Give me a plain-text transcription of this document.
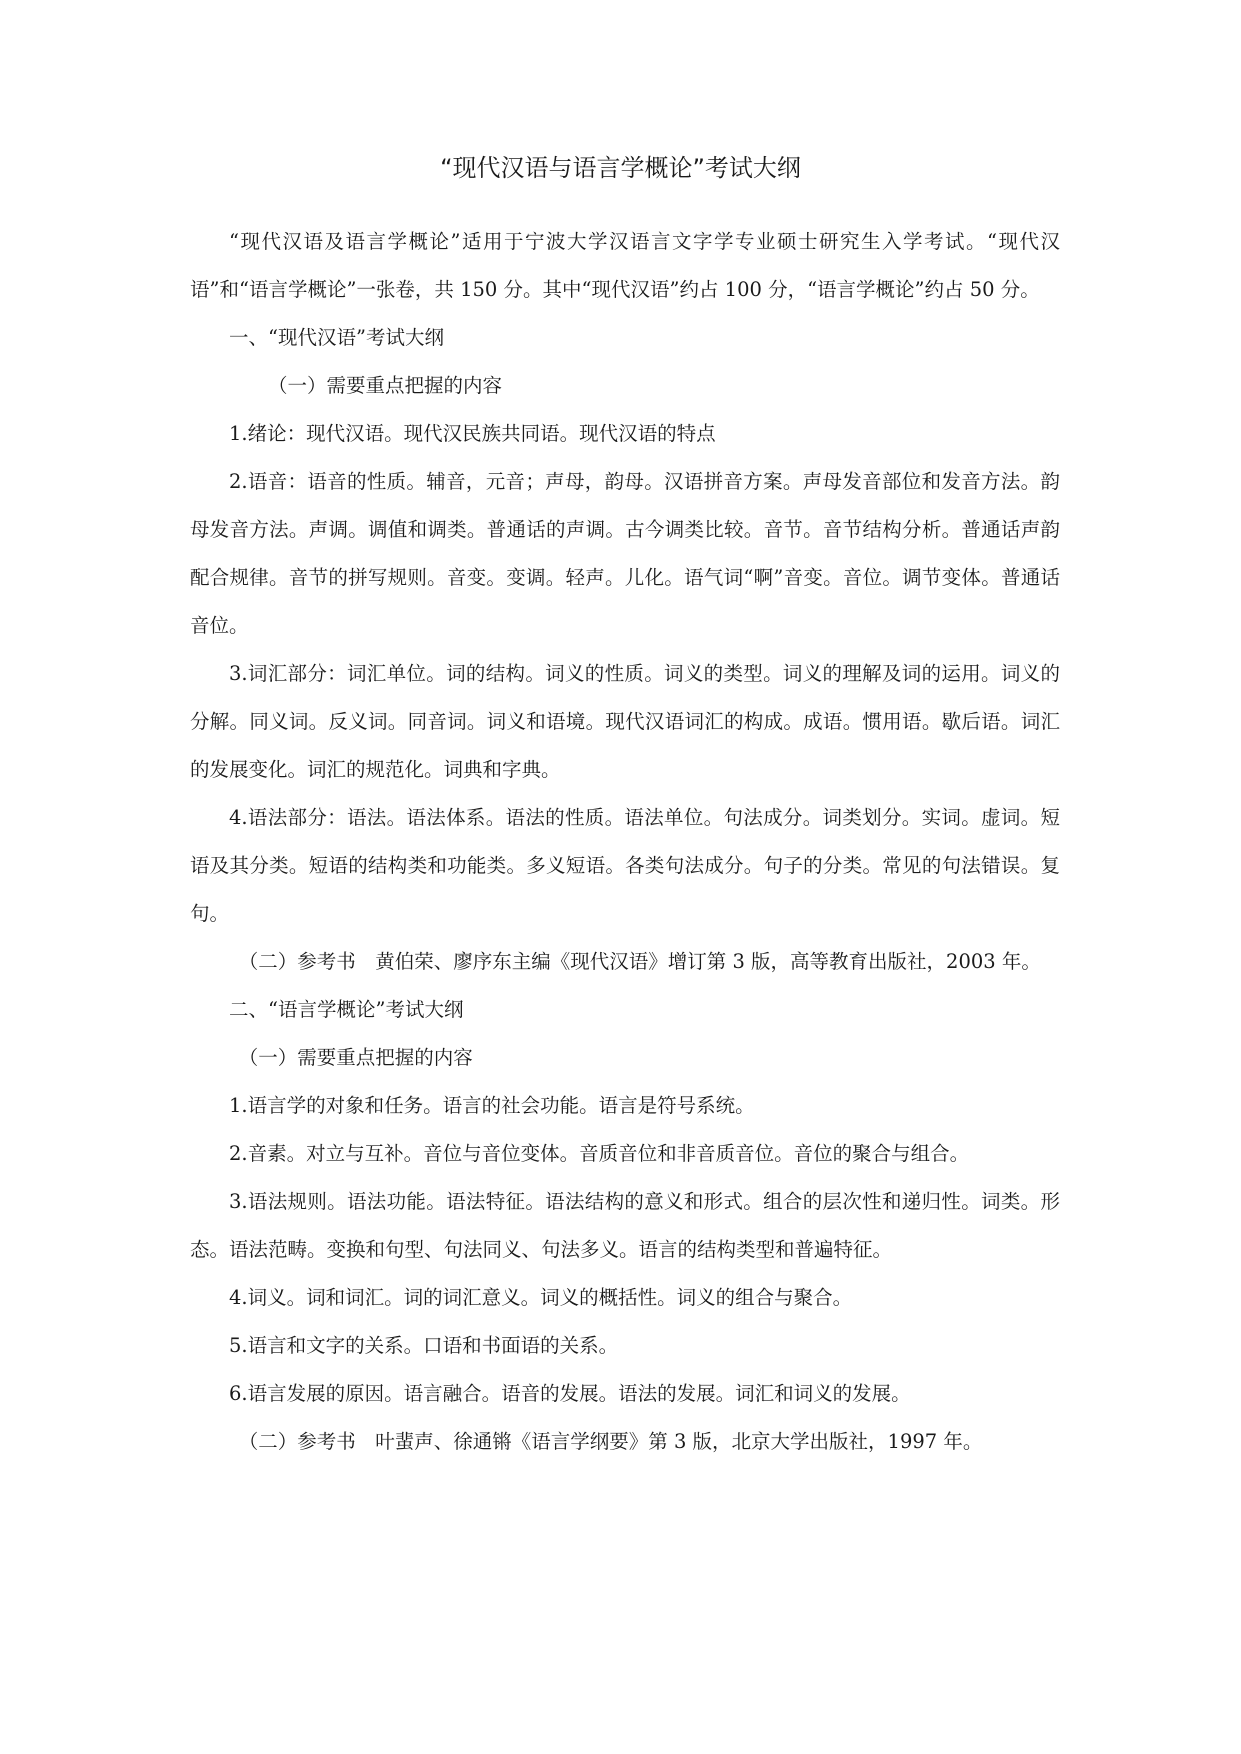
“现代汉语与语言学概论”考试大纲

“现代汉语及语言学概论”适用于宁波大学汉语言文字学专业硕士研究生入学考试。“现代汉语”和“语言学概论”一张卷，共 150 分。其中“现代汉语”约占 100 分，“语言学概论”约占 50 分。

一、“现代汉语”考试大纲

（一）需要重点把握的内容

1.绪论：现代汉语。现代汉民族共同语。现代汉语的特点

2.语音：语音的性质。辅音，元音；声母，韵母。汉语拼音方案。声母发音部位和发音方法。韵母发音方法。声调。调值和调类。普通话的声调。古今调类比较。音节。音节结构分析。普通话声韵配合规律。音节的拼写规则。音变。变调。轻声。儿化。语气词“啊”音变。音位。调节变体。普通话音位。

3.词汇部分：词汇单位。词的结构。词义的性质。词义的类型。词义的理解及词的运用。词义的分解。同义词。反义词。同音词。词义和语境。现代汉语词汇的构成。成语。惯用语。歇后语。词汇的发展变化。词汇的规范化。词典和字典。

4.语法部分：语法。语法体系。语法的性质。语法单位。句法成分。词类划分。实词。虚词。短语及其分类。短语的结构类和功能类。多义短语。各类句法成分。句子的分类。常见的句法错误。复句。

（二）参考书　黄伯荣、廖序东主编《现代汉语》增订第 3 版，高等教育出版社，2003 年。

二、“语言学概论”考试大纲

（一）需要重点把握的内容

1.语言学的对象和任务。语言的社会功能。语言是符号系统。

2.音素。对立与互补。音位与音位变体。音质音位和非音质音位。音位的聚合与组合。

3.语法规则。语法功能。语法特征。语法结构的意义和形式。组合的层次性和递归性。词类。形态。语法范畴。变换和句型、句法同义、句法多义。语言的结构类型和普遍特征。

4.词义。词和词汇。词的词汇意义。词义的概括性。词义的组合与聚合。

5.语言和文字的关系。口语和书面语的关系。

6.语言发展的原因。语言融合。语音的发展。语法的发展。词汇和词义的发展。

（二）参考书　叶蜚声、徐通锵《语言学纲要》第 3 版，北京大学出版社，1997 年。
